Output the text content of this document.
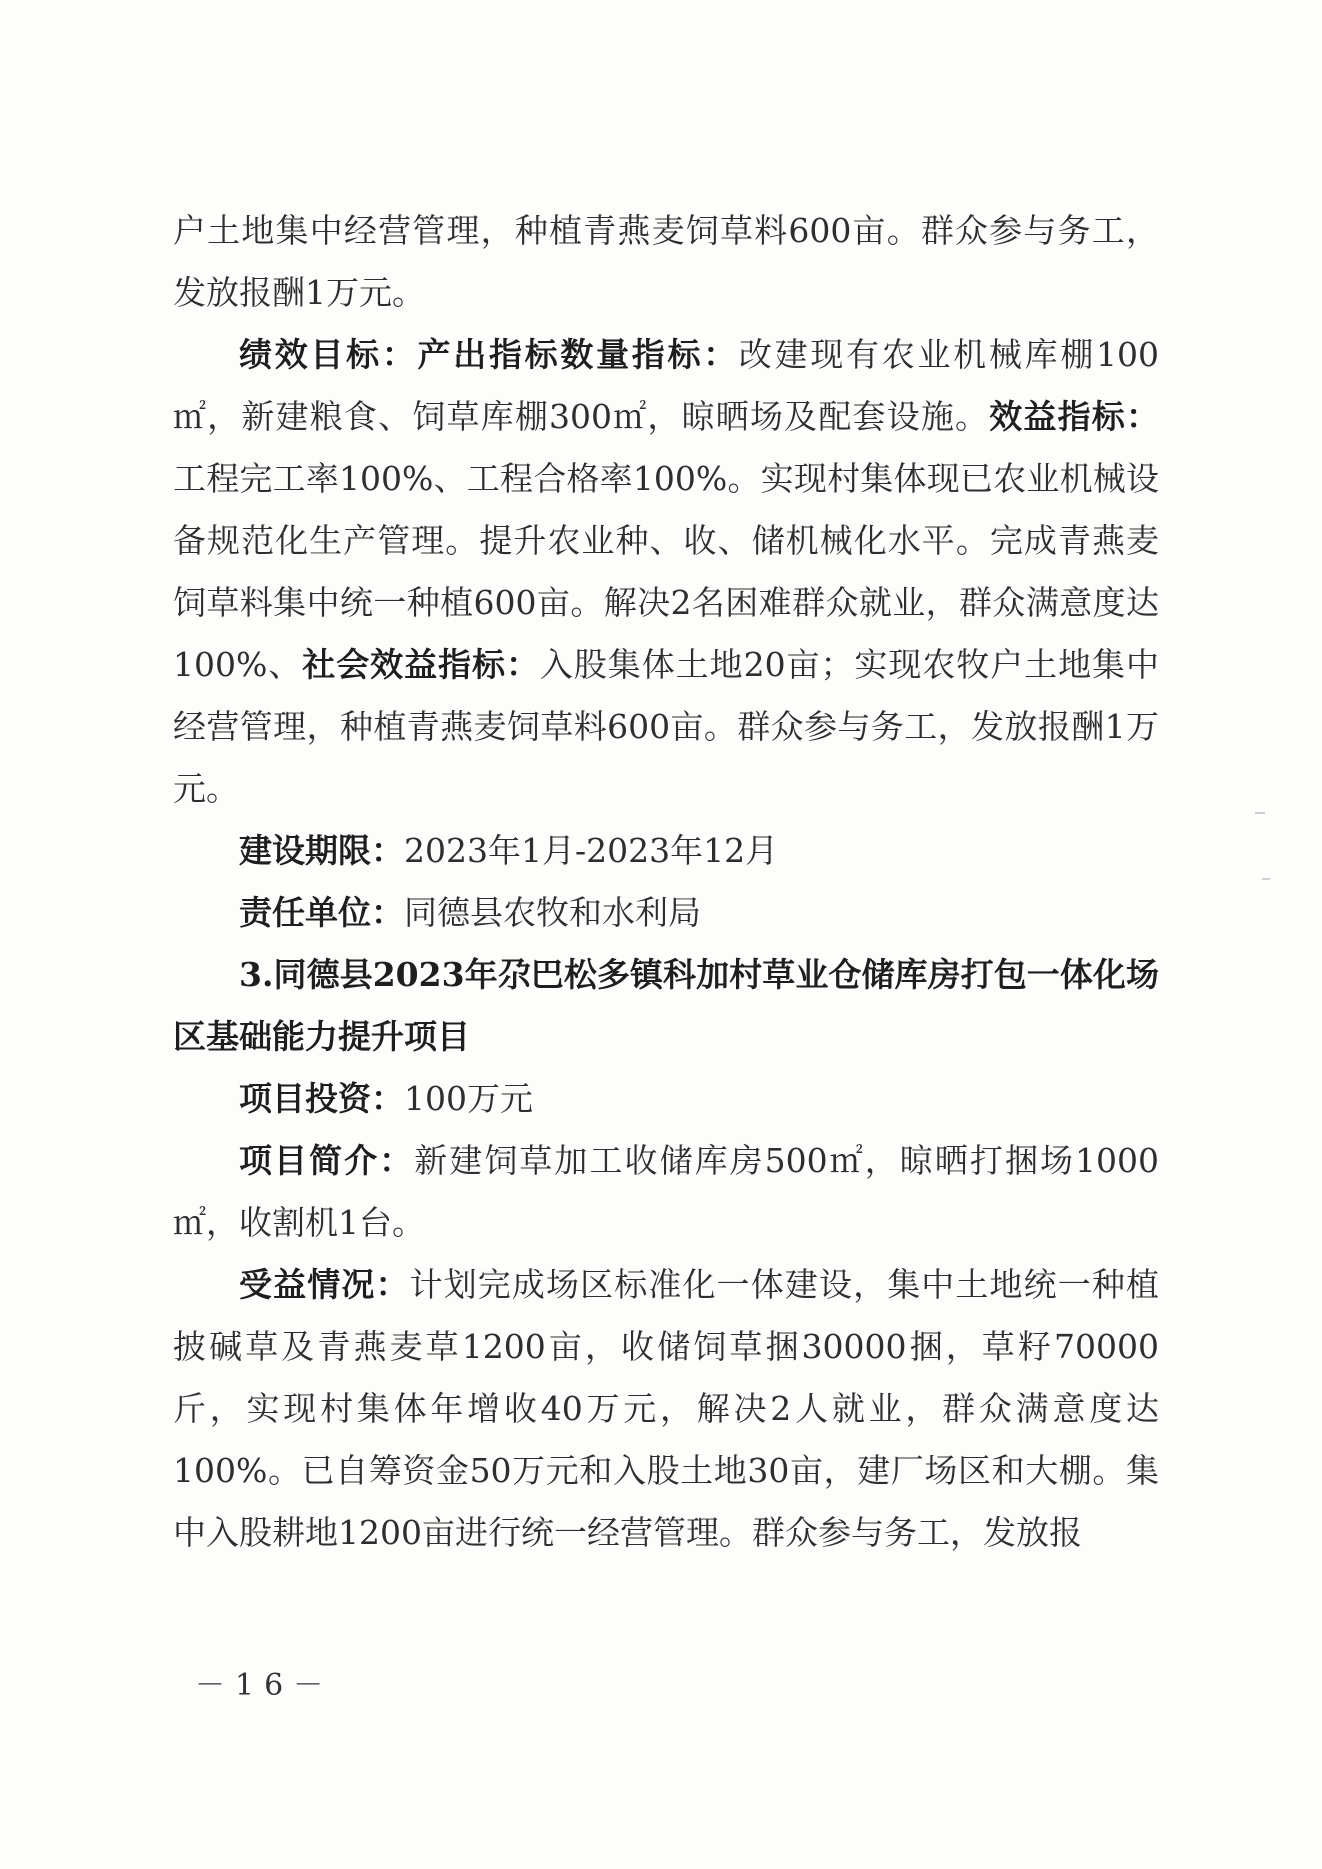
户土地集中经营管理，种植青燕麦饲草料600亩。群众参与务工，发放报酬1万元。

绩效目标：产出指标数量指标：改建现有农业机械库棚100㎡，新建粮食、饲草库棚300㎡，晾晒场及配套设施。效益指标：工程完工率100%、工程合格率100%。实现村集体现已农业机械设备规范化生产管理。提升农业种、收、储机械化水平。完成青燕麦饲草料集中统一种植600亩。解决2名困难群众就业，群众满意度达100%、社会效益指标：入股集体土地20亩；实现农牧户土地集中经营管理，种植青燕麦饲草料600亩。群众参与务工，发放报酬1万元。

建设期限：2023年1月-2023年12月

责任单位：同德县农牧和水利局

3.同德县2023年尕巴松多镇科加村草业仓储库房打包一体化场区基础能力提升项目

项目投资：100万元

项目简介：新建饲草加工收储库房500㎡，晾晒打捆场1000㎡，收割机1台。

受益情况：计划完成场区标准化一体建设，集中土地统一种植披碱草及青燕麦草1200亩，收储饲草捆30000捆，草籽70000斤，实现村集体年增收40万元，解决2人就业，群众满意度达100%。已自筹资金50万元和入股土地30亩，建厂场区和大棚。集中入股耕地1200亩进行统一经营管理。群众参与务工，发放报

－16－
